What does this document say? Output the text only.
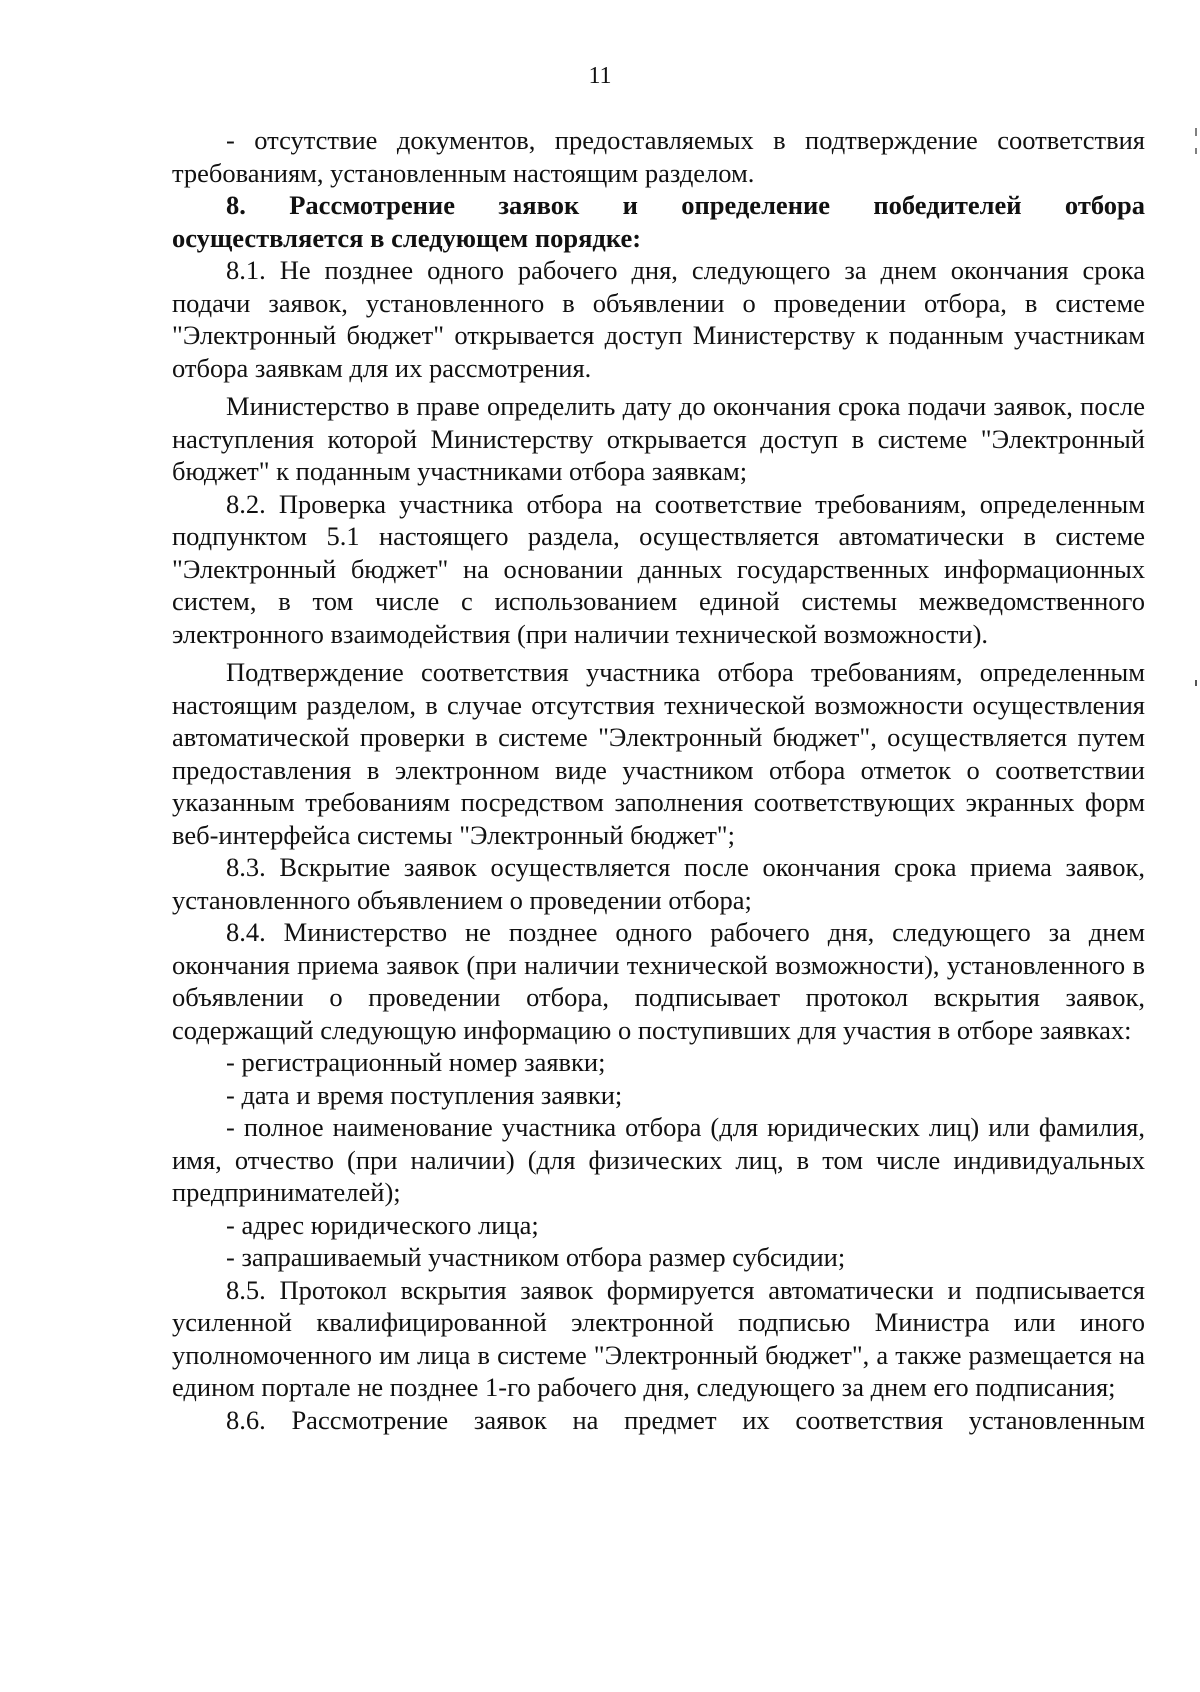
11

- отсутствие документов, предоставляемых в подтверждение соответствия требованиям, установленным настоящим разделом.

8. Рассмотрение заявок и определение победителей отбора

осуществляется в следующем порядке:

8.1. Не позднее одного рабочего дня, следующего за днем окончания срока подачи заявок, установленного в объявлении о проведении отбора, в системе "Электронный бюджет" открывается доступ Министерству к поданным участникам отбора заявкам для их рассмотрения.

Министерство в праве определить дату до окончания срока подачи заявок, после наступления которой Министерству открывается доступ в системе "Электронный бюджет" к поданным участниками отбора заявкам;

8.2. Проверка участника отбора на соответствие требованиям, определенным подпунктом 5.1 настоящего раздела, осуществляется автоматически в системе "Электронный бюджет" на основании данных государственных информационных систем, в том числе с использованием единой системы межведомственного электронного взаимодействия (при наличии технической возможности).

Подтверждение соответствия участника отбора требованиям, определенным настоящим разделом, в случае отсутствия технической возможности осуществления автоматической проверки в системе "Электронный бюджет", осуществляется путем предоставления в электронном виде участником отбора отметок о соответствии указанным требованиям посредством заполнения соответствующих экранных форм веб-интерфейса системы "Электронный бюджет";

8.3. Вскрытие заявок осуществляется после окончания срока приема заявок, установленного объявлением о проведении отбора;

8.4. Министерство не позднее одного рабочего дня, следующего за днем окончания приема заявок (при наличии технической возможности), установленного в объявлении о проведении отбора, подписывает протокол вскрытия заявок, содержащий следующую информацию о поступивших для участия в отборе заявках:

- регистрационный номер заявки;

- дата и время поступления заявки;

- полное наименование участника отбора (для юридических лиц) или фамилия, имя, отчество (при наличии) (для физических лиц, в том числе индивидуальных предпринимателей);

- адрес юридического лица;

- запрашиваемый участником отбора размер субсидии;

8.5. Протокол вскрытия заявок формируется автоматически и подписывается усиленной квалифицированной электронной подписью Министра или иного уполномоченного им лица в системе "Электронный бюджет", а также размещается на едином портале не позднее 1-го рабочего дня, следующего за днем его подписания;

8.6. Рассмотрение заявок на предмет их соответствия установленным
